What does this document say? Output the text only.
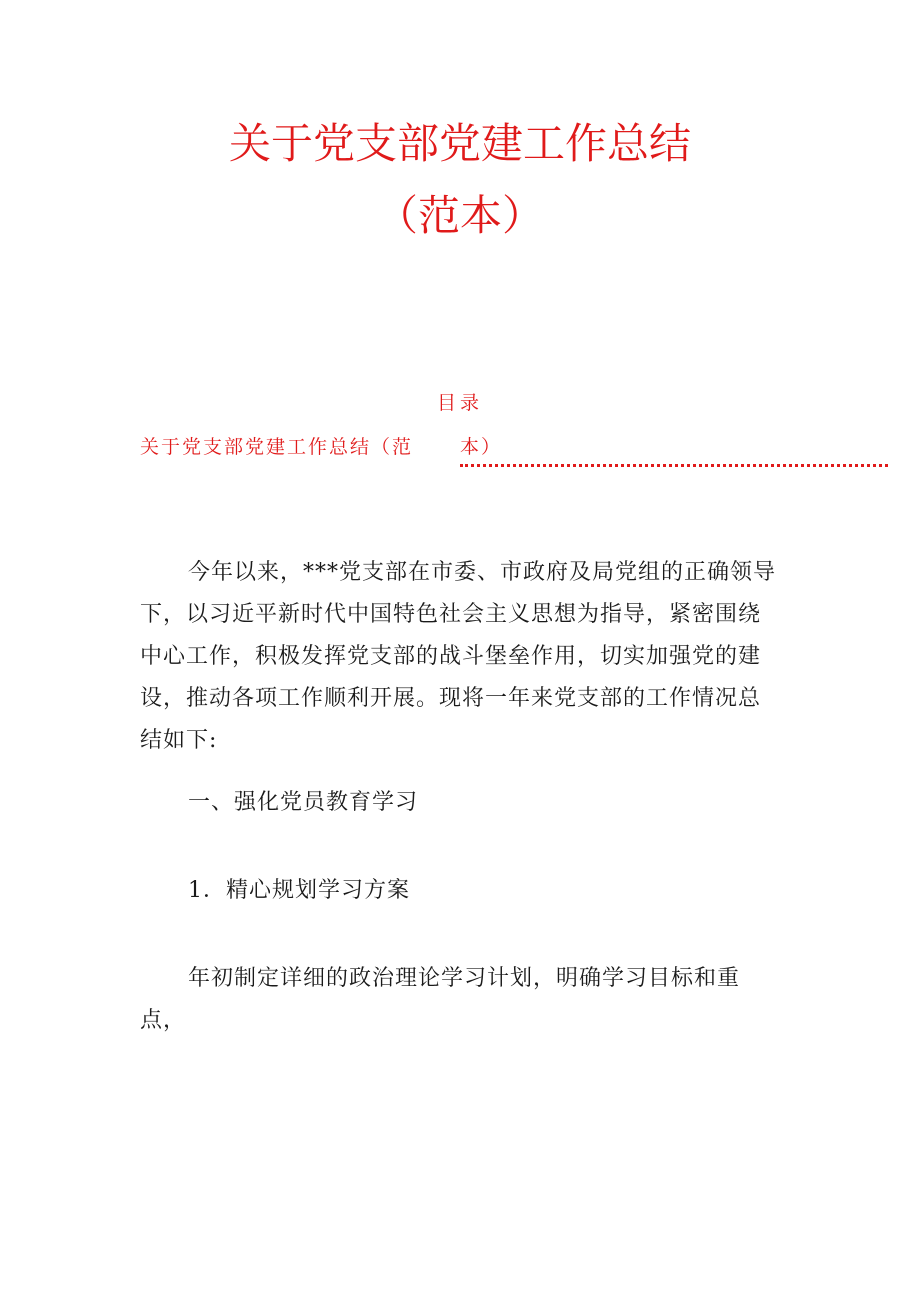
关于党支部党建工作总结
（范本）
目录
关于党支部党建工作总结（范 本）
今年以来，***党支部在市委、市政府及局党组的正确领导下，以习近平新时代中国特色社会主义思想为指导，紧密围绕中心工作，积极发挥党支部的战斗堡垒作用，切实加强党的建设，推动各项工作顺利开展。现将一年来党支部的工作情况总结如下:
一、强化党员教育学习
1．精心规划学习方案
年初制定详细的政治理论学习计划，明确学习目标和重点，
